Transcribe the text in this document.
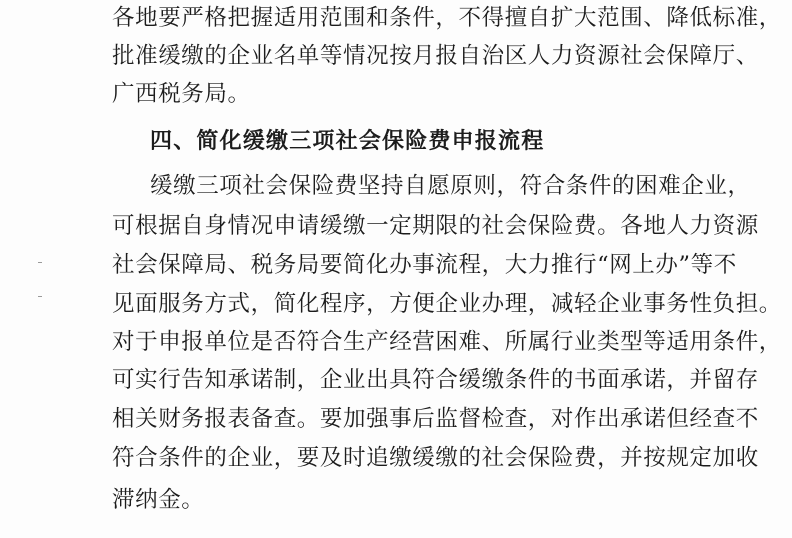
各地要严格把握适用范围和条件，不得擅自扩大范围、降低标准，
批准缓缴的企业名单等情况按月报自治区人力资源社会保障厅、
广西税务局。
四、简化缓缴三项社会保险费申报流程
缓缴三项社会保险费坚持自愿原则，符合条件的困难企业，
可根据自身情况申请缓缴一定期限的社会保险费。各地人力资源
社会保障局、税务局要简化办事流程，大力推行“网上办”等不
见面服务方式，简化程序，方便企业办理，减轻企业事务性负担。
对于申报单位是否符合生产经营困难、所属行业类型等适用条件，
可实行告知承诺制，企业出具符合缓缴条件的书面承诺，并留存
相关财务报表备查。要加强事后监督检查，对作出承诺但经查不
符合条件的企业，要及时追缴缓缴的社会保险费，并按规定加收
滞纳金。
